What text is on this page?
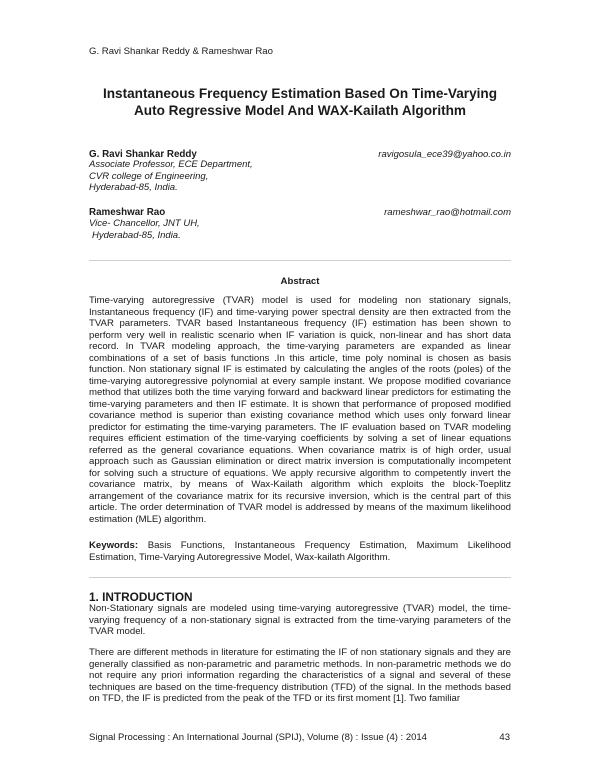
G. Ravi Shankar Reddy & Rameshwar Rao
Instantaneous Frequency Estimation Based On Time-Varying
Auto Regressive Model And WAX-Kailath Algorithm
G. Ravi Shankar Reddy	ravigosula_ece39@yahoo.co.in
Associate Professor, ECE Department,
CVR college of Engineering,
Hyderabad-85, India.
Rameshwar Rao	rameshwar_rao@hotmail.com
Vice- Chancellor, JNT UH,
Hyderabad-85, India.
Abstract
Time-varying autoregressive (TVAR) model is used for modeling non stationary signals, Instantaneous frequency (IF) and time-varying power spectral density are then extracted from the TVAR parameters. TVAR based Instantaneous frequency (IF) estimation has been shown to perform very well in realistic scenario when IF variation is quick, non-linear and has short data record. In TVAR modeling approach, the time-varying parameters are expanded as linear combinations of a set of basis functions .In this article, time poly nominal is chosen as basis function. Non stationary signal IF is estimated by calculating the angles of the roots (poles) of the time-varying autoregressive polynomial at every sample instant. We propose modified covariance method that utilizes both the time varying forward and backward linear predictors for estimating the time-varying parameters and then IF estimate. It is shown that performance of proposed modified covariance method is superior than existing covariance method which uses only forward linear predictor for estimating the time-varying parameters. The IF evaluation based on TVAR modeling requires efficient estimation of the time-varying coefficients by solving a set of linear equations referred as the general covariance equations. When covariance matrix is of high order, usual approach such as Gaussian elimination or direct matrix inversion is computationally incompetent for solving such a structure of equations. We apply recursive algorithm to competently invert the covariance matrix, by means of Wax-Kailath algorithm which exploits the block-Toeplitz arrangement of the covariance matrix for its recursive inversion, which is the central part of this article. The order determination of TVAR model is addressed by means of the maximum likelihood estimation (MLE) algorithm.
Keywords: Basis Functions, Instantaneous Frequency Estimation, Maximum Likelihood Estimation, Time-Varying Autoregressive Model, Wax-kailath Algorithm.
1. INTRODUCTION
Non-Stationary signals are modeled using time-varying autoregressive (TVAR) model, the time-varying frequency of a non-stationary signal is extracted from the time-varying parameters of the TVAR model.
There are different methods in literature for estimating the IF of non stationary signals and they are generally classified as non-parametric and parametric methods. In non-parametric methods we do not require any priori information regarding the characteristics of a signal and several of these techniques are based on the time-frequency distribution (TFD) of the signal. In the methods based on TFD, the IF is predicted from the peak of the TFD or its first moment [1]. Two familiar
Signal Processing : An International Journal (SPIJ), Volume (8) : Issue (4) : 2014	43
